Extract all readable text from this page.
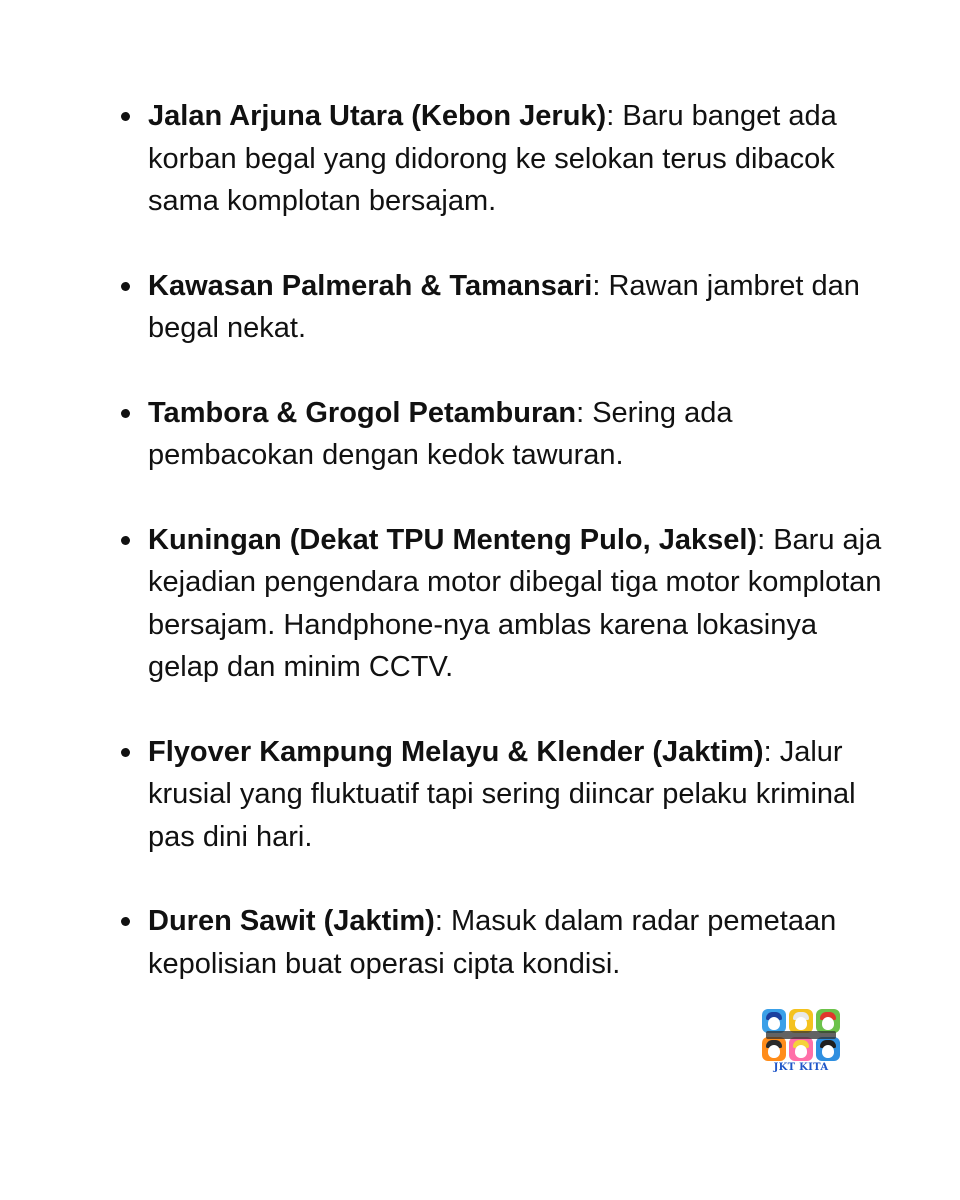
Jalan Arjuna Utara (Kebon Jeruk): Baru banget ada korban begal yang didorong ke selokan terus dibacok sama komplotan bersajam.
Kawasan Palmerah & Tamansari: Rawan jambret dan begal nekat.
Tambora & Grogol Petamburan: Sering ada pembacokan dengan kedok tawuran.
Kuningan (Dekat TPU Menteng Pulo, Jaksel): Baru aja kejadian pengendara motor dibegal tiga motor komplotan bersajam. Handphone-nya amblas karena lokasinya gelap dan minim CCTV.
Flyover Kampung Melayu & Klender (Jaktim): Jalur krusial yang fluktuatif tapi sering diincar pelaku kriminal pas dini hari.
Duren Sawit (Jaktim): Masuk dalam radar pemetaan kepolisian buat operasi cipta kondisi.
JKT KITA
